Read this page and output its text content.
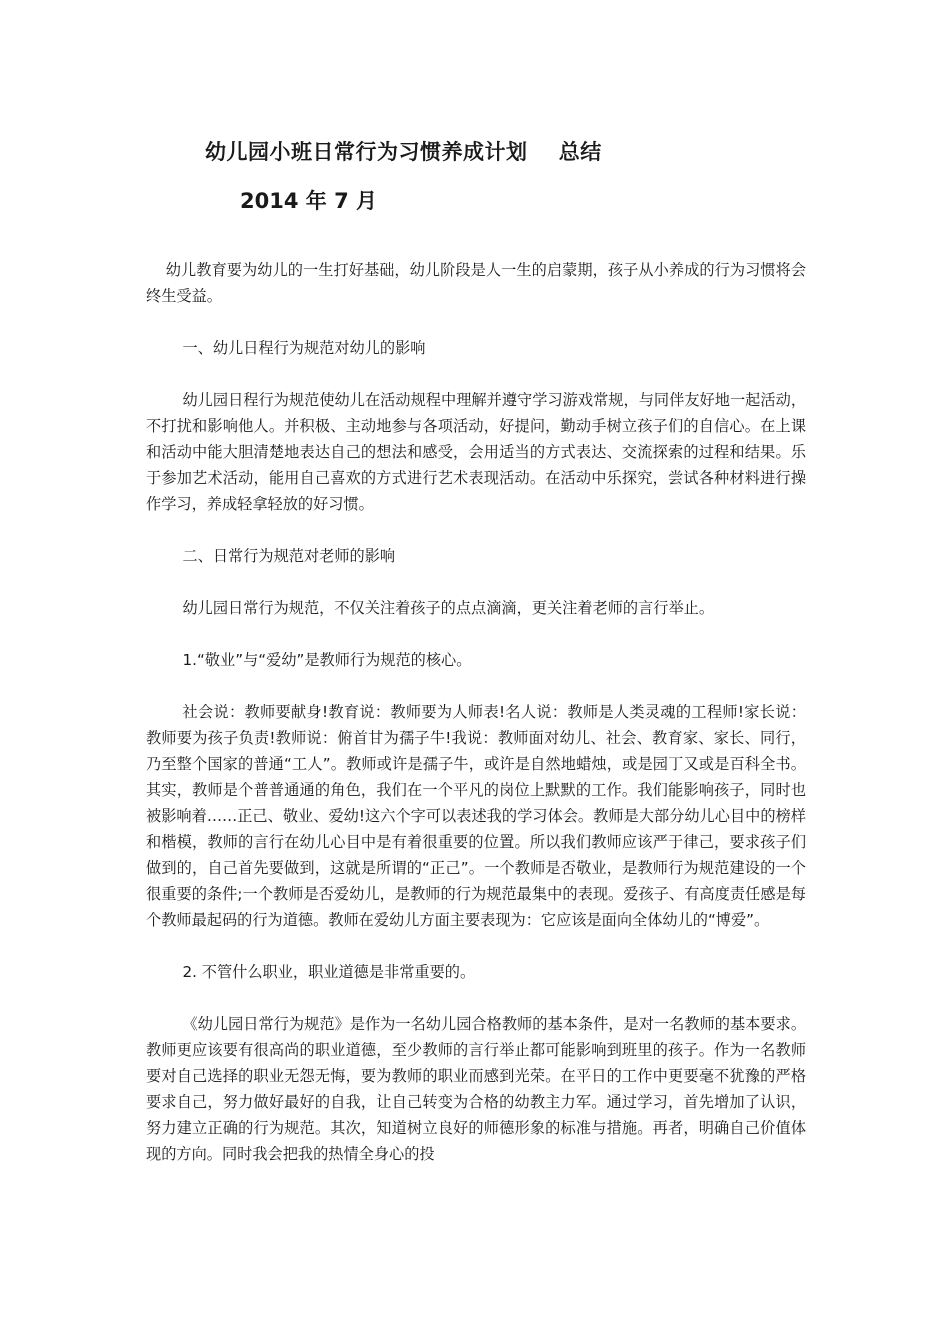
幼儿园小班日常行为习惯养成计划    总结
2014 年 7 月

幼儿教育要为幼儿的一生打好基础，幼儿阶段是人一生的启蒙期，孩子从小养成的行为习惯将会终生受益。

一、幼儿日程行为规范对幼儿的影响

幼儿园日程行为规范使幼儿在活动规程中理解并遵守学习游戏常规，与同伴友好地一起活动，不打扰和影响他人。并积极、主动地参与各项活动，好提问，勤动手树立孩子们的自信心。在上课和活动中能大胆清楚地表达自己的想法和感受，会用适当的方式表达、交流探索的过程和结果。乐于参加艺术活动，能用自己喜欢的方式进行艺术表现活动。在活动中乐探究，尝试各种材料进行操作学习，养成轻拿轻放的好习惯。

二、日常行为规范对老师的影响

幼儿园日常行为规范，不仅关注着孩子的点点滴滴，更关注着老师的言行举止。

1.“敬业”与“爱幼”是教师行为规范的核心。

社会说：教师要献身!教育说：教师要为人师表!名人说：教师是人类灵魂的工程师!家长说：教师要为孩子负责!教师说：俯首甘为孺子牛!我说：教师面对幼儿、社会、教育家、家长、同行，乃至整个国家的普通“工人”。教师或许是孺子牛，或许是自然地蜡烛，或是园丁又或是百科全书。其实，教师是个普普通通的角色，我们在一个平凡的岗位上默默的工作。我们能影响孩子，同时也被影响着……正己、敬业、爱幼!这六个字可以表述我的学习体会。教师是大部分幼儿心目中的榜样和楷模，教师的言行在幼儿心目中是有着很重要的位置。所以我们教师应该严于律己，要求孩子们做到的，自己首先要做到，这就是所谓的“正己”。一个教师是否敬业，是教师行为规范建设的一个很重要的条件;一个教师是否爱幼儿，是教师的行为规范最集中的表现。爱孩子、有高度责任感是每个教师最起码的行为道德。教师在爱幼儿方面主要表现为：它应该是面向全体幼儿的“博爱”。

2. 不管什么职业，职业道德是非常重要的。

《幼儿园日常行为规范》是作为一名幼儿园合格教师的基本条件，是对一名教师的基本要求。教师更应该要有很高尚的职业道德，至少教师的言行举止都可能影响到班里的孩子。作为一名教师要对自己选择的职业无怨无悔，要为教师的职业而感到光荣。在平日的工作中更要毫不犹豫的严格要求自己，努力做好最好的自我，让自己转变为合格的幼教主力军。通过学习，首先增加了认识，努力建立正确的行为规范。其次，知道树立良好的师德形象的标准与措施。再者，明确自己价值体现的方向。同时我会把我的热情全身心的投
